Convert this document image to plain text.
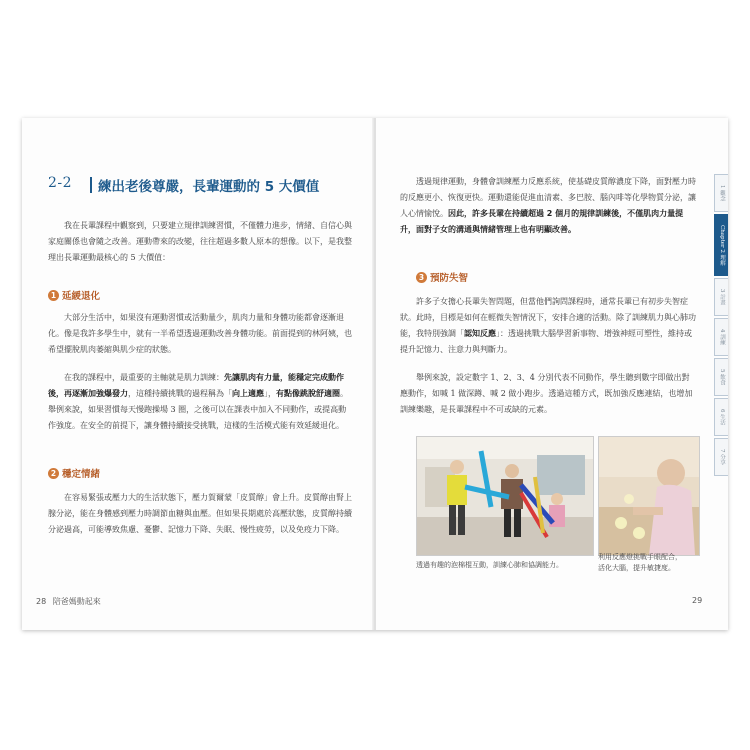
2-2 練出老後尊嚴，長輩運動的 5 大價值

我在長輩課程中觀察到，只要建立規律訓練習慣，不僅體力進步，情緒、自信心與家庭關係也會隨之改善。運動帶來的改變，往往超過多數人原本的想像。以下，是我整理出長輩運動最核心的 5 大價值：

1 延緩退化

大部分生活中，如果沒有運動習慣或活動量少，肌肉力量和身體功能都會逐漸退化。像是我許多學生中，就有一半希望透過運動改善身體功能。前面提到的林阿姨，也希望擺脫肌肉萎縮與肌少症的狀態。

在我的課程中，最重要的主軸就是肌力訓練：先讓肌肉有力量，能穩定完成動作後，再逐漸加強爆發力，這種持續挑戰的過程稱為「向上適應」，有點像跳脫舒適圈。舉例來說，如果習慣每天慢跑操場 3 圈，之後可以在課表中加入不同動作，或提高動作強度。在安全的前提下，讓身體持續接受挑戰，這樣的生活模式能有效延緩退化。

2 穩定情緒

在容易緊張或壓力大的生活狀態下，壓力賀爾蒙「皮質醇」會上升。皮質醇由腎上腺分泌，能在身體感到壓力時調節血糖與血壓。但如果長期處於高壓狀態，皮質醇持續分泌過高，可能導致焦慮、憂鬱、記憶力下降、失眠、慢性疲勞，以及免疫力下降。

28 陪爸媽動起來

透過規律運動，身體會訓練壓力反應系統，使基礎皮質醇濃度下降，面對壓力時的反應更小、恢復更快。運動還能促進血清素、多巴胺、腦內啡等化學物質分泌，讓人心情愉悅。因此，許多長輩在持續超過 2 個月的規律訓練後，不僅肌肉力量提升，面對子女的溝通與情緒管理上也有明顯改善。

3 預防失智

許多子女擔心長輩失智問題，但當他們詢問課程時，通常長輩已有初步失智症狀。此時，目標是如何在輕微失智情況下，安排合適的活動。除了訓練肌力與心肺功能，我特別強調「認知反應」：透過挑戰大腦學習新事物、增強神經可塑性，維持或提升記憶力、注意力與判斷力。

舉例來說，設定數字 1、2、3、4 分別代表不同動作，學生聽到數字即做出對應動作，如喊 1 做深蹲、喊 2 做小跑步。透過這種方式，既加強反應連結，也增加訓練樂趣，是長輩課程中不可或缺的元素。

透過有趣的泡棉棍互動，訓練心肺和協調能力。
利用反應燈挑戰手眼配合，
活化大腦，提升敏捷度。
29
1 觀念
Chapter 2 理解
3 計畫
4 訓練
5 飲食
6 生活
7 分享
